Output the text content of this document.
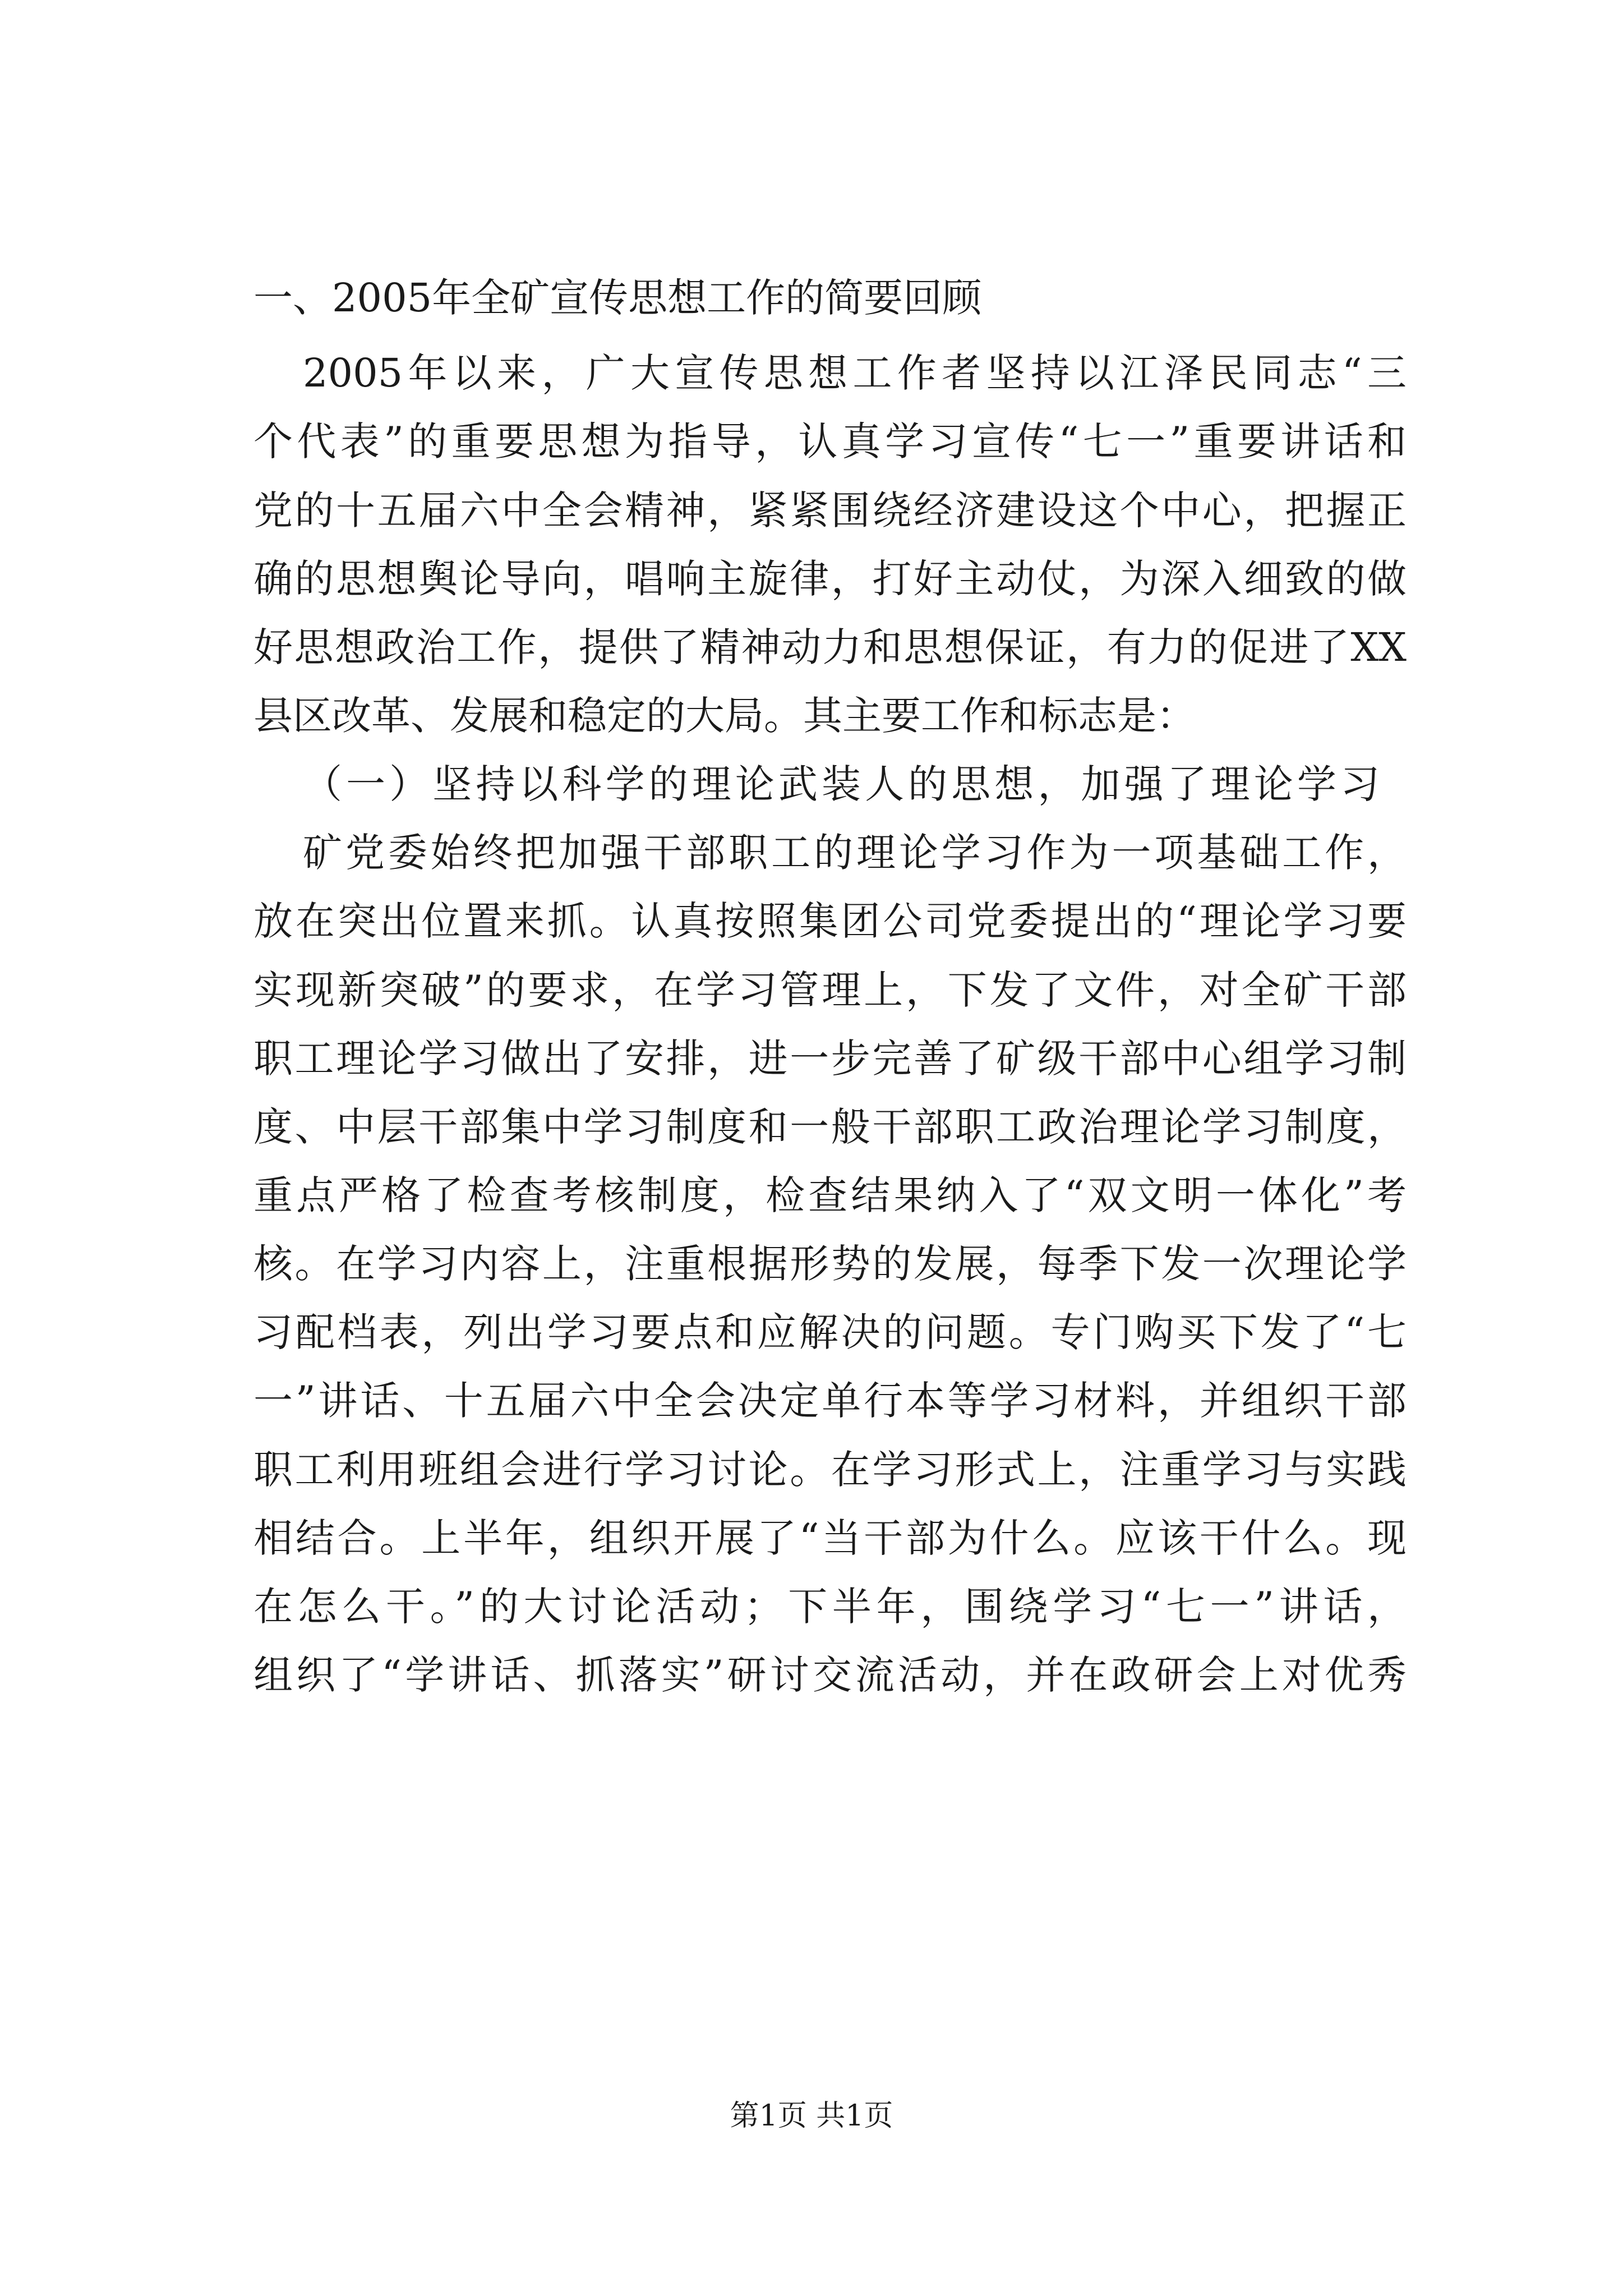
一、2005年全矿宣传思想工作的简要回顾
2005年以来，广大宣传思想工作者坚持以江泽民同志“三
个代表”的重要思想为指导，认真学习宣传“七一”重要讲话和
党的十五届六中全会精神，紧紧围绕经济建设这个中心，把握正
确的思想舆论导向，唱响主旋律，打好主动仗，为深入细致的做
好思想政治工作，提供了精神动力和思想保证，有力的促进了XX
县区改革、发展和稳定的大局。其主要工作和标志是：
（一）坚持以科学的理论武装人的思想，加强了理论学习
矿党委始终把加强干部职工的理论学习作为一项基础工作，
放在突出位置来抓。认真按照集团公司党委提出的“理论学习要
实现新突破”的要求，在学习管理上，下发了文件，对全矿干部
职工理论学习做出了安排，进一步完善了矿级干部中心组学习制
度、中层干部集中学习制度和一般干部职工政治理论学习制度，
重点严格了检查考核制度，检查结果纳入了“双文明一体化”考
核。在学习内容上，注重根据形势的发展，每季下发一次理论学
习配档表，列出学习要点和应解决的问题。专门购买下发了“七
一”讲话、十五届六中全会决定单行本等学习材料，并组织干部
职工利用班组会进行学习讨论。在学习形式上，注重学习与实践
相结合。上半年，组织开展了“当干部为什么。应该干什么。现
在怎么干。”的大讨论活动；下半年，围绕学习“七一”讲话，
组织了“学讲话、抓落实”研讨交流活动，并在政研会上对优秀
第1页 共1页
